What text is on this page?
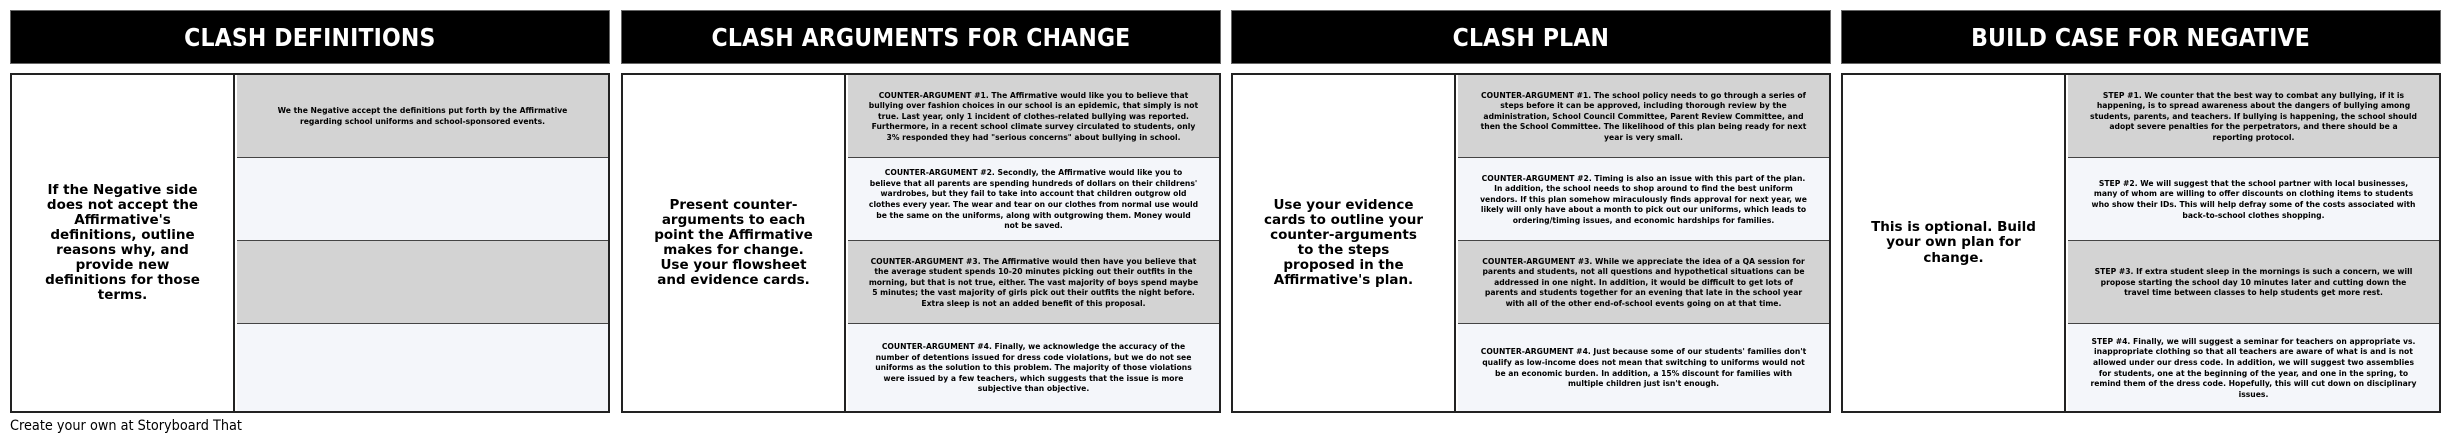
CLASH DEFINITIONS
If the Negative side does not accept the Affirmative's definitions, outline reasons why, and provide new definitions for those terms.
We the Negative accept the definitions put forth by the Affirmative regarding school uniforms and school-sponsored events.
CLASH ARGUMENTS FOR CHANGE
Present counter-arguments to each point the Affirmative makes for change. Use your flowsheet and evidence cards.
COUNTER-ARGUMENT #1. The Affirmative would like you to believe that bullying over fashion choices in our school is an epidemic, that simply is not true. Last year, only 1 incident of clothes-related bullying was reported. Furthermore, in a recent school climate survey circulated to students, only 3% responded they had "serious concerns" about bullying in school.
COUNTER-ARGUMENT #2. Secondly, the Affirmative would like you to believe that all parents are spending hundreds of dollars on their childrens' wardrobes, but they fail to take into account that children outgrow old clothes every year. The wear and tear on our clothes from normal use would be the same on the uniforms, along with outgrowing them. Money would not be saved.
COUNTER-ARGUMENT #3. The Affirmative would then have you believe that the average student spends 10-20 minutes picking out their outfits in the morning, but that is not true, either. The vast majority of boys spend maybe 5 minutes; the vast majority of girls pick out their outfits the night before. Extra sleep is not an added benefit of this proposal.
COUNTER-ARGUMENT #4. Finally, we acknowledge the accuracy of the number of detentions issued for dress code violations, but we do not see uniforms as the solution to this problem. The majority of those violations were issued by a few teachers, which suggests that the issue is more subjective than objective.
CLASH PLAN
Use your evidence cards to outline your counter-arguments to the steps proposed in the Affirmative's plan.
COUNTER-ARGUMENT #1. The school policy needs to go through a series of steps before it can be approved, including thorough review by the administration, School Council Committee, Parent Review Committee, and then the School Committee. The likelihood of this plan being ready for next year is very small.
COUNTER-ARGUMENT #2. Timing is also an issue with this part of the plan. In addition, the school needs to shop around to find the best uniform vendors. If this plan somehow miraculously finds approval for next year, we likely will only have about a month to pick out our uniforms, which leads to ordering/timing issues, and economic hardships for families.
COUNTER-ARGUMENT #3. While we appreciate the idea of a QA session for parents and students, not all questions and hypothetical situations can be addressed in one night. In addition, it would be difficult to get lots of parents and students together for an evening that late in the school year with all of the other end-of-school events going on at that time.
COUNTER-ARGUMENT #4. Just because some of our students' families don't qualify as low-income does not mean that switching to uniforms would not be an economic burden. In addition, a 15% discount for families with multiple children just isn't enough.
BUILD CASE FOR NEGATIVE
This is optional. Build your own plan for change.
STEP #1. We counter that the best way to combat any bullying, if it is happening, is to spread awareness about the dangers of bullying among students, parents, and teachers. If bullying is happening, the school should adopt severe penalties for the perpetrators, and there should be a reporting protocol.
STEP #2. We will suggest that the school partner with local businesses, many of whom are willing to offer discounts on clothing items to students who show their IDs. This will help defray some of the costs associated with back-to-school clothes shopping.
STEP #3. If extra student sleep in the mornings is such a concern, we will propose starting the school day 10 minutes later and cutting down the travel time between classes to help students get more rest.
STEP #4. Finally, we will suggest a seminar for teachers on appropriate vs. inappropriate clothing so that all teachers are aware of what is and is not allowed under our dress code. In addition, we will suggest two assemblies for students, one at the beginning of the year, and one in the spring, to remind them of the dress code. Hopefully, this will cut down on disciplinary issues.
Create your own at Storyboard That
